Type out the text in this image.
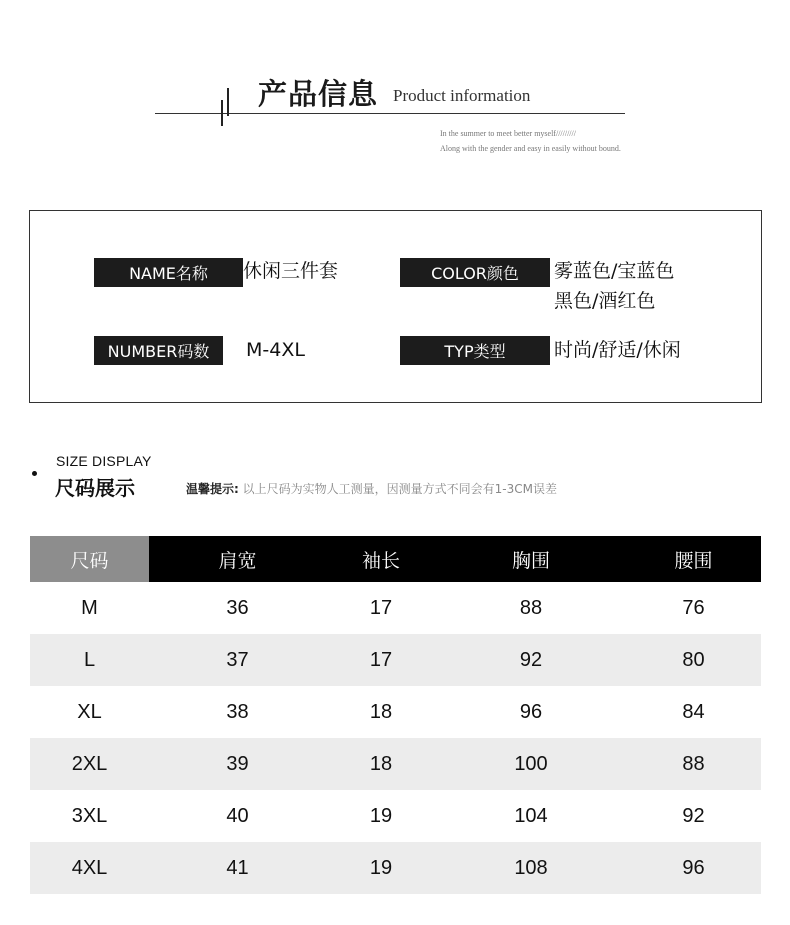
产品信息 Product information
In the summer to meet better myself/////////
Along with the gender and easy in easily without bound.
NAME名称	休闲三件套	COLOR颜色	雾蓝色/宝蓝色
黑色/酒红色
NUMBER码数	M-4XL	TYP类型	时尚/舒适/休闲
SIZE DISPLAY
尺码展示	温馨提示: 以上尺码为实物人工测量，因测量方式不同会有1-3CM误差
尺码	肩宽	袖长	胸围	腰围
M	36	17	88	76
L	37	17	92	80
XL	38	18	96	84
2XL	39	18	100	88
3XL	40	19	104	92
4XL	41	19	108	96
